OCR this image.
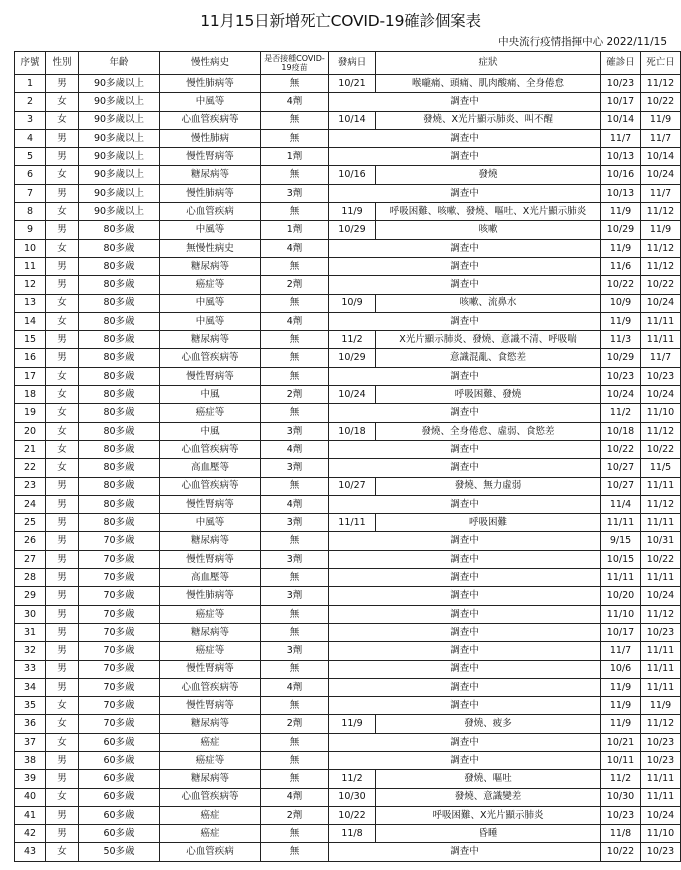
11月15日新增死亡COVID-19確診個案表
中央流行疫情指揮中心 2022/11/15
序號	性別	年齡	慢性病史	是否接種COVID-19疫苗	發病日	症狀	確診日	死亡日
1	男	90多歲以上	慢性肺病等	無	10/21	喉嚨痛、頭痛、肌肉酸痛、全身倦怠	10/23	11/12
2	女	90多歲以上	中風等	4劑	調查中		10/17	10/22
3	女	90多歲以上	心血管疾病等	無	10/14	發燒、X光片顯示肺炎、叫不醒	10/14	11/9
4	男	90多歲以上	慢性肺病	無	調查中		11/7	11/7
5	男	90多歲以上	慢性腎病等	1劑	調查中		10/13	10/14
6	女	90多歲以上	糖尿病等	無	10/16	發燒	10/16	10/24
7	男	90多歲以上	慢性肺病等	3劑	調查中		10/13	11/7
8	女	90多歲以上	心血管疾病	無	11/9	呼吸困難、咳嗽、發燒、嘔吐、X光片顯示肺炎	11/9	11/12
9	男	80多歲	中風等	1劑	10/29	咳嗽	10/29	11/9
10	女	80多歲	無慢性病史	4劑	調查中		11/9	11/12
11	男	80多歲	糖尿病等	無	調查中		11/6	11/12
12	男	80多歲	癌症等	2劑	調查中		10/22	10/22
13	女	80多歲	中風等	無	10/9	咳嗽、流鼻水	10/9	10/24
14	女	80多歲	中風等	4劑	調查中		11/9	11/11
15	男	80多歲	糖尿病等	無	11/2	X光片顯示肺炎、發燒、意識不清、呼吸喘	11/3	11/11
16	男	80多歲	心血管疾病等	無	10/29	意識混亂、食慾差	10/29	11/7
17	女	80多歲	慢性腎病等	無	調查中		10/23	10/23
18	女	80多歲	中風	2劑	10/24	呼吸困難、發燒	10/24	10/24
19	女	80多歲	癌症等	無	調查中		11/2	11/10
20	女	80多歲	中風	3劑	10/18	發燒、全身倦怠、虛弱、食慾差	10/18	11/12
21	女	80多歲	心血管疾病等	4劑	調查中		10/22	10/22
22	女	80多歲	高血壓等	3劑	調查中		10/27	11/5
23	男	80多歲	心血管疾病等	無	10/27	發燒、無力虛弱	10/27	11/11
24	男	80多歲	慢性腎病等	4劑	調查中		11/4	11/12
25	男	80多歲	中風等	3劑	11/11	呼吸困難	11/11	11/11
26	男	70多歲	糖尿病等	無	調查中		9/15	10/31
27	男	70多歲	慢性腎病等	3劑	調查中		10/15	10/22
28	男	70多歲	高血壓等	無	調查中		11/11	11/11
29	男	70多歲	慢性肺病等	3劑	調查中		10/20	10/24
30	男	70多歲	癌症等	無	調查中		11/10	11/12
31	男	70多歲	糖尿病等	無	調查中		10/17	10/23
32	男	70多歲	癌症等	3劑	調查中		11/7	11/11
33	男	70多歲	慢性腎病等	無	調查中		10/6	11/11
34	男	70多歲	心血管疾病等	4劑	調查中		11/9	11/11
35	女	70多歲	慢性腎病等	無	調查中		11/9	11/9
36	女	70多歲	糖尿病等	2劑	11/9	發燒、疲多	11/9	11/12
37	女	60多歲	癌症	無	調查中		10/21	10/23
38	男	60多歲	癌症等	無	調查中		10/11	10/23
39	男	60多歲	糖尿病等	無	11/2	發燒、嘔吐	11/2	11/11
40	女	60多歲	心血管疾病等	4劑	10/30	發燒、意識變差	10/30	11/11
41	男	60多歲	癌症	2劑	10/22	呼吸困難、X光片顯示肺炎	10/23	10/24
42	男	60多歲	癌症	無	11/8	昏睡	11/8	11/10
43	女	50多歲	心血管疾病	無	調查中		10/22	10/23
